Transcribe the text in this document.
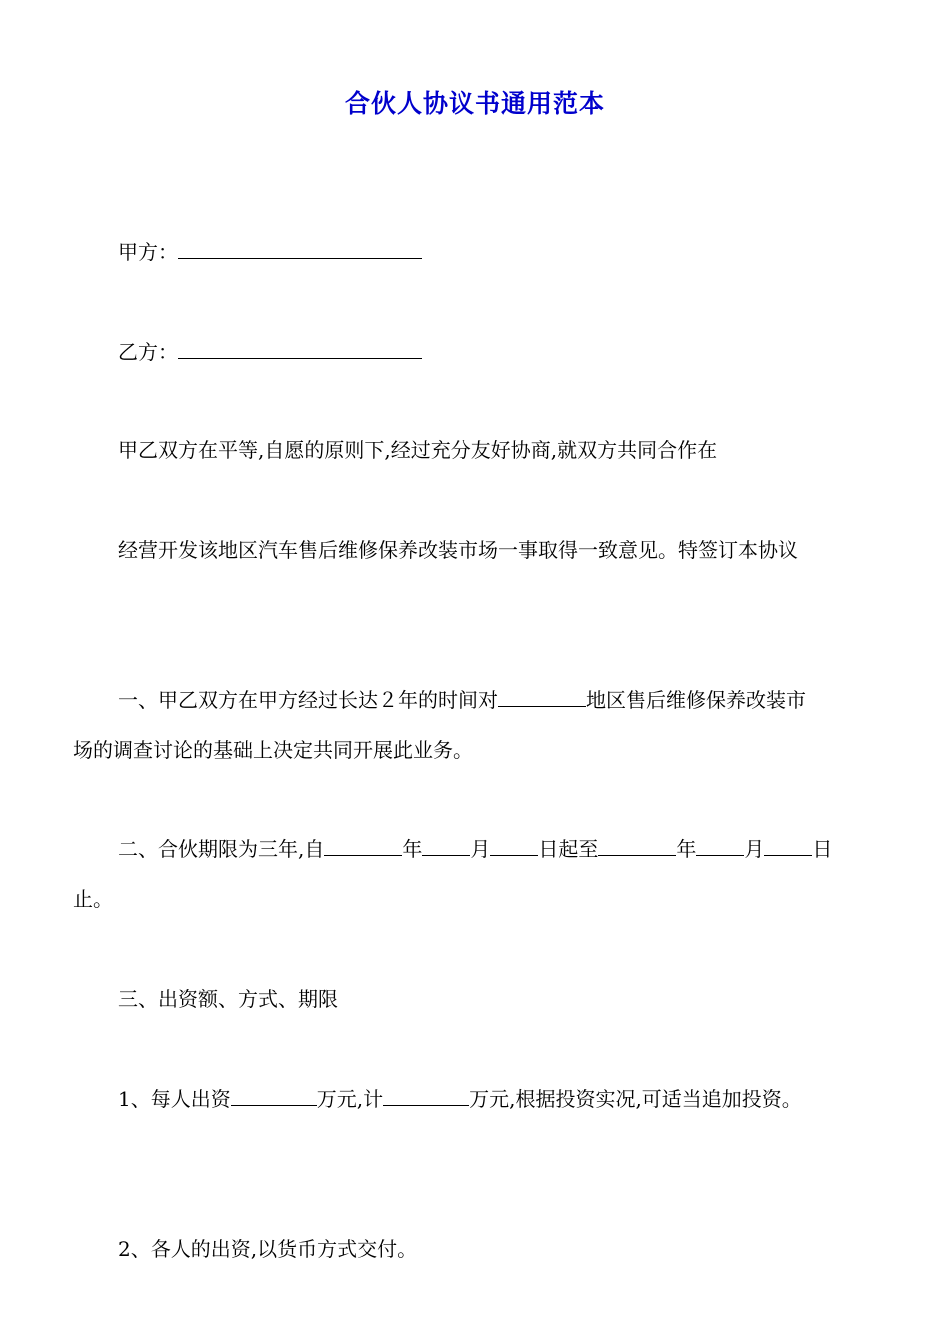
合伙人协议书通用范本
甲方：
乙方：
甲乙双方在平等,自愿的原则下,经过充分友好协商,就双方共同合作在
经营开发该地区汽车售后维修保养改装市场一事取得一致意见。特签订本协议
一、甲乙双方在甲方经过长达２年的时间对	地区售后维修保养改装市
场的调查讨论的基础上决定共同开展此业务。
二、合伙期限为三年,自	年 月 日起至	年 月 日
止。
三、出资额、方式、期限
1、每人出资	万元,计	万元,根据投资实况,可适当追加投资。
2、各人的出资,以货币方式交付。
